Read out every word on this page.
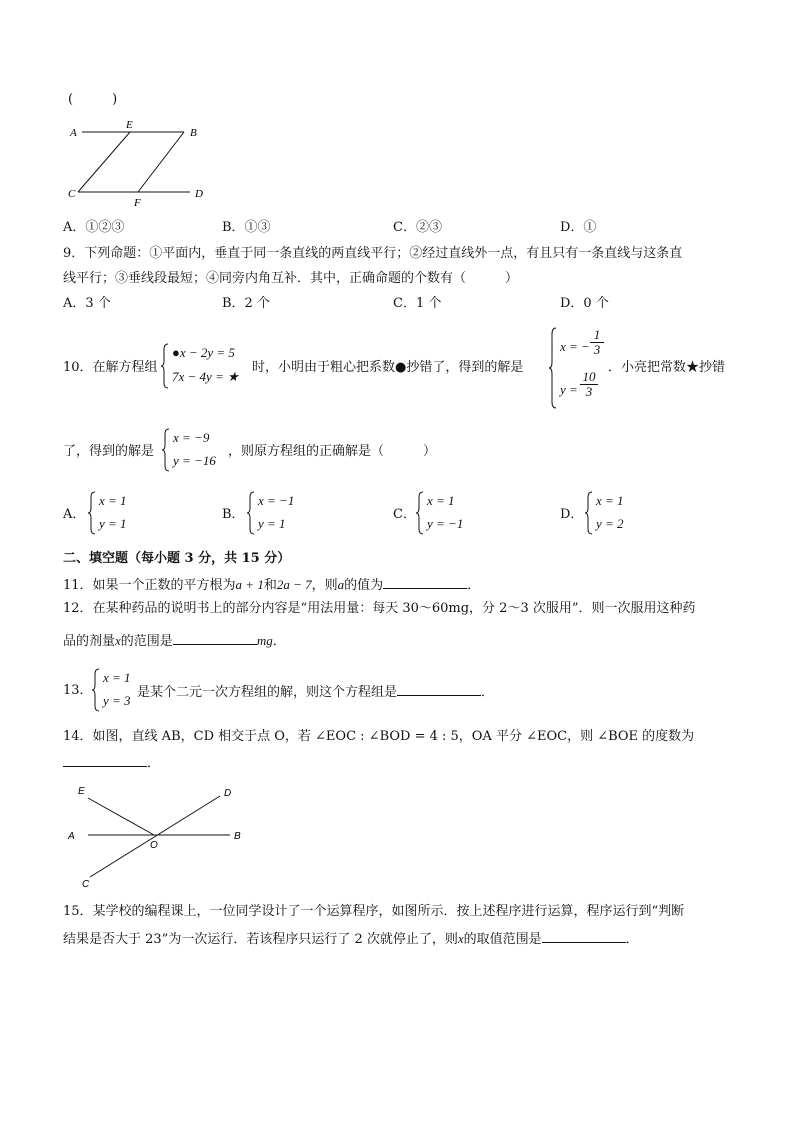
(　　　)
A
E
B
C
F
D
A．①②③	B．①③	C．②③	D．①
9．下列命题：①平面内，垂直于同一条直线的两直线平行；②经过直线外一点，有且只有一条直线与这条直
线平行；③垂线段最短；④同旁内角互补．其中，正确命题的个数有（　　　）
A．3 个	B．2 个	C．1 个	D．0 个
10．在解方程组
●x − 2y = 5
7x − 4y = ★
时，小明由于粗心把系数●抄错了，得到的解是
x = − $\frac{1}{3}$
$y = \frac{10}{3}$
．小亮把常数★抄错
了，得到的解是
x = −9
y = −16
，则原方程组的正确解是（　　　）
A．
x = 1
y = 1
B．
x = −1
y = 1
C．
x = 1
y = −1
D．
x = 1
y = 2
二、填空题（每小题 3 分，共 15 分）
11．如果一个正数的平方根为a + 1和2a − 7，则a的值为	．
12．在某种药品的说明书上的部分内容是“用法用量：每天 30～60mg，分 2～3 次服用”．则一次服用这种药
品的剂量x的范围是	mg．
13．
x = 1
y = 3
是某个二元一次方程组的解，则这个方程组是	．
14．如图，直线 AB，CD 相交于点 O，若 ∠EOC : ∠BOD = 4 : 5，OA 平分 ∠EOC，则 ∠BOE 的度数为
．
E	D
A
O
B
C
15．某学校的编程课上，一位同学设计了一个运算程序，如图所示．按上述程序进行运算，程序运行到“判断
结果是否大于 23”为一次运行．若该程序只运行了 2 次就停止了，则x的取值范围是	．
